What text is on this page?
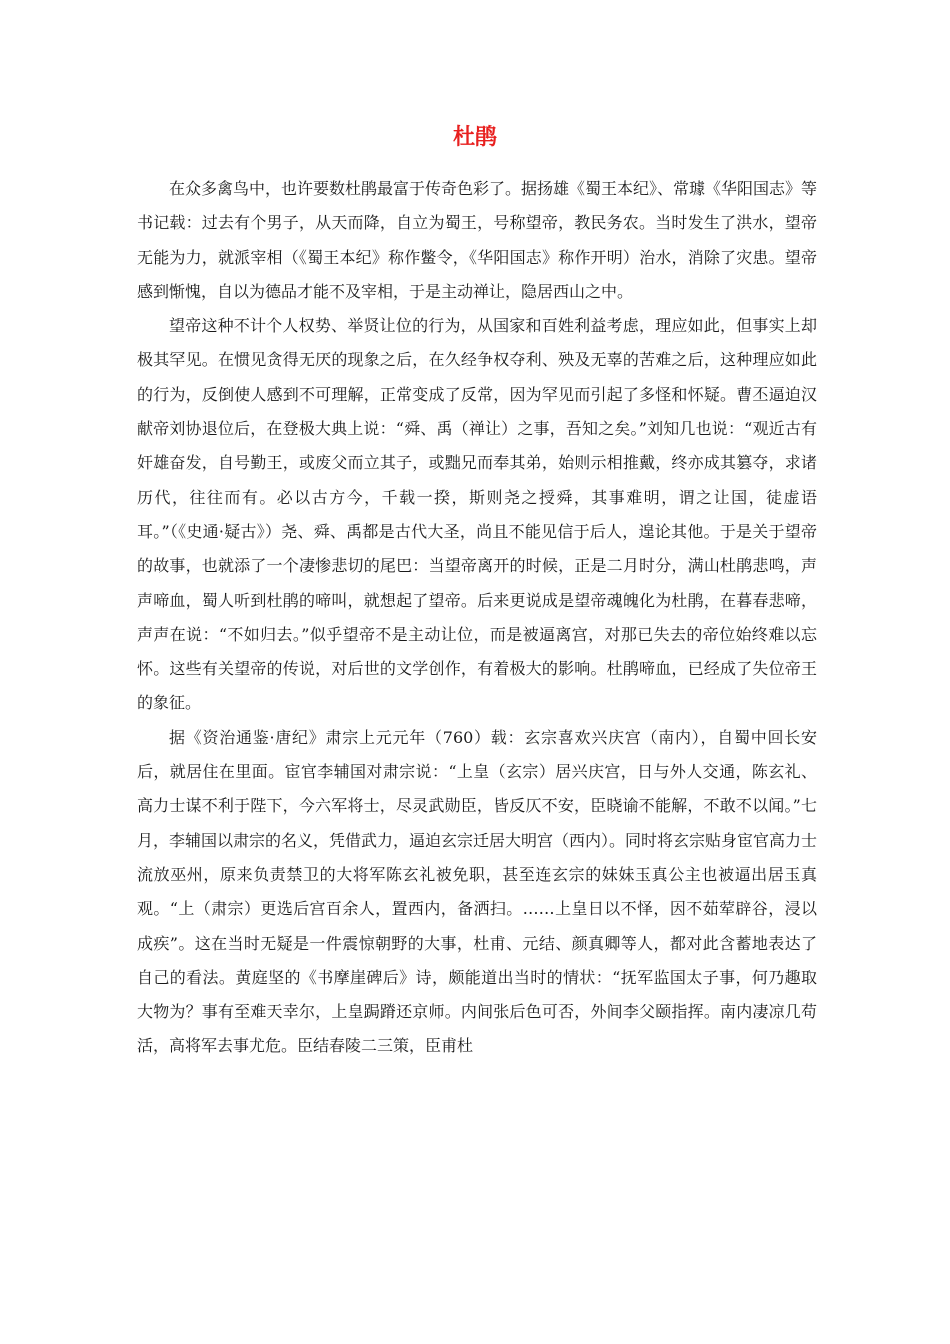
杜鹃

在众多禽鸟中，也许要数杜鹃最富于传奇色彩了。据扬雄《蜀王本纪》、常璩《华阳国志》等书记载：过去有个男子，从天而降，自立为蜀王，号称望帝，教民务农。当时发生了洪水，望帝无能为力，就派宰相（《蜀王本纪》称作鳖令，《华阳国志》称作开明）治水，消除了灾患。望帝感到惭愧，自以为德品才能不及宰相，于是主动禅让，隐居西山之中。

望帝这种不计个人权势、举贤让位的行为，从国家和百姓利益考虑，理应如此，但事实上却极其罕见。在惯见贪得无厌的现象之后，在久经争权夺利、殃及无辜的苦难之后，这种理应如此的行为，反倒使人感到不可理解，正常变成了反常，因为罕见而引起了多怪和怀疑。曹丕逼迫汉献帝刘协退位后，在登极大典上说：“舜、禹（禅让）之事，吾知之矣。”刘知几也说：“观近古有奸雄奋发，自号勤王，或废父而立其子，或黜兄而奉其弟，始则示相推戴，终亦成其篡夺，求诸历代，往往而有。必以古方今，千载一揆，斯则尧之授舜，其事难明，谓之让国，徒虚语耳。”（《史通·疑古》）尧、舜、禹都是古代大圣，尚且不能见信于后人，遑论其他。于是关于望帝的故事，也就添了一个凄惨悲切的尾巴：当望帝离开的时候，正是二月时分，满山杜鹃悲鸣，声声啼血，蜀人听到杜鹃的啼叫，就想起了望帝。后来更说成是望帝魂魄化为杜鹃，在暮春悲啼，声声在说：“不如归去。”似乎望帝不是主动让位，而是被逼离宫，对那已失去的帝位始终难以忘怀。这些有关望帝的传说，对后世的文学创作，有着极大的影响。杜鹃啼血，已经成了失位帝王的象征。

据《资治通鉴·唐纪》肃宗上元元年（760）载：玄宗喜欢兴庆宫（南内），自蜀中回长安后，就居住在里面。宦官李辅国对肃宗说：“上皇（玄宗）居兴庆宫，日与外人交通，陈玄礼、高力士谋不利于陛下，今六军将士，尽灵武勋臣，皆反仄不安，臣晓谕不能解，不敢不以闻。”七月，李辅国以肃宗的名义，凭借武力，逼迫玄宗迁居大明宫（西内）。同时将玄宗贴身宦官高力士流放巫州，原来负责禁卫的大将军陈玄礼被免职，甚至连玄宗的妹妹玉真公主也被逼出居玉真观。“上（肃宗）更选后宫百余人，置西内，备洒扫。……上皇日以不怿，因不茹荤辟谷，浸以成疾”。这在当时无疑是一件震惊朝野的大事，杜甫、元结、颜真卿等人，都对此含蓄地表达了自己的看法。黄庭坚的《书摩崖碑后》诗，颇能道出当时的情状：“抚军监国太子事，何乃趣取大物为？事有至难天幸尔，上皇跼蹐还京师。内间张后色可否，外间李父颐指挥。南内凄凉几苟活，高将军去事尤危。臣结春陵二三策，臣甫杜
